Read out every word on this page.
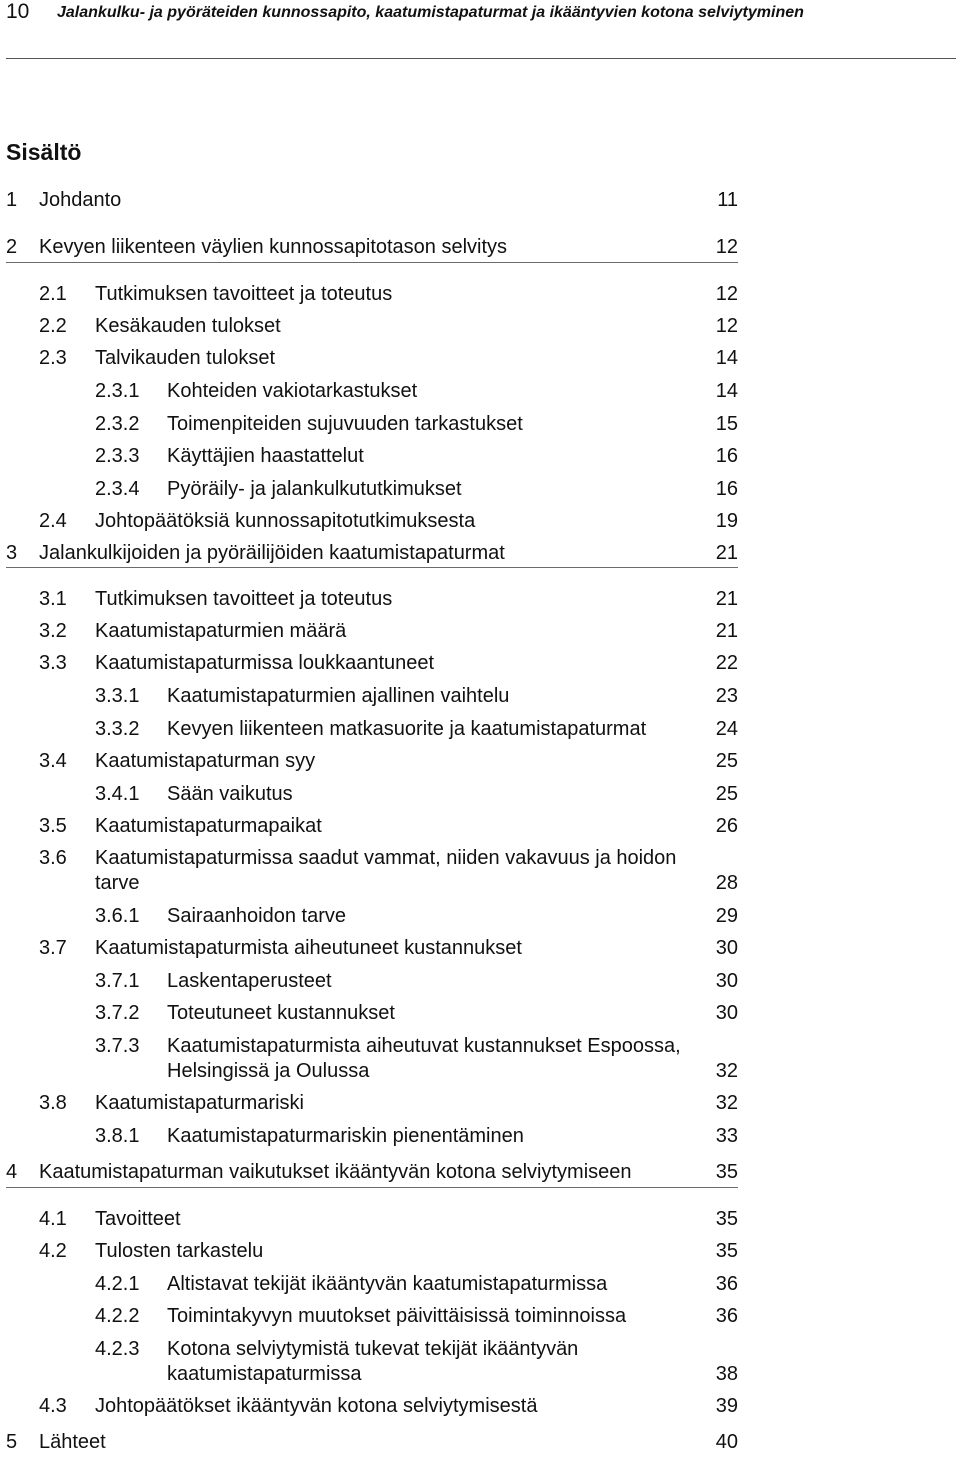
10 Jalankulku- ja pyöräteiden kunnossapito, kaatumistapaturmat ja ikääntyvien kotona selviytyminen
Sisältö
1 Johdanto	11
2 Kevyen liikenteen väylien kunnossapitotason selvitys	12
2.1 Tutkimuksen tavoitteet ja toteutus	12
2.2 Kesäkauden tulokset	12
2.3 Talvikauden tulokset	14
2.3.1 Kohteiden vakiotarkastukset	14
2.3.2 Toimenpiteiden sujuvuuden tarkastukset	15
2.3.3 Käyttäjien haastattelut	16
2.3.4 Pyöräily- ja jalankulkututkimukset	16
2.4 Johtopäätöksiä kunnossapitotutkimuksesta	19
3 Jalankulkijoiden ja pyöräilijöiden kaatumistapaturmat	21
3.1 Tutkimuksen tavoitteet ja toteutus	21
3.2 Kaatumistapaturmien määrä	21
3.3 Kaatumistapaturmissa loukkaantuneet	22
3.3.1 Kaatumistapaturmien ajallinen vaihtelu	23
3.3.2 Kevyen liikenteen matkasuorite ja kaatumistapaturmat	24
3.4 Kaatumistapaturman syy	25
3.4.1 Sään vaikutus	25
3.5 Kaatumistapaturmapaikat	26
3.6 Kaatumistapaturmissa saadut vammat, niiden vakavuus ja hoidon
tarve	28
3.6.1 Sairaanhoidon tarve	29
3.7 Kaatumistapaturmista aiheutuneet kustannukset	30
3.7.1 Laskentaperusteet	30
3.7.2 Toteutuneet kustannukset	30
3.7.3 Kaatumistapaturmista aiheutuvat kustannukset Espoossa,
Helsingissä ja Oulussa	32
3.8 Kaatumistapaturmariski	32
3.8.1 Kaatumistapaturmariskin pienentäminen	33
4 Kaatumistapaturman vaikutukset ikääntyvän kotona selviytymiseen	35
4.1 Tavoitteet	35
4.2 Tulosten tarkastelu	35
4.2.1 Altistavat tekijät ikääntyvän kaatumistapaturmissa	36
4.2.2 Toimintakyvyn muutokset päivittäisissä toiminnoissa	36
4.2.3 Kotona selviytymistä tukevat tekijät ikääntyvän
kaatumistapaturmissa	38
4.3 Johtopäätökset ikääntyvän kotona selviytymisestä	39
5 Lähteet	40
